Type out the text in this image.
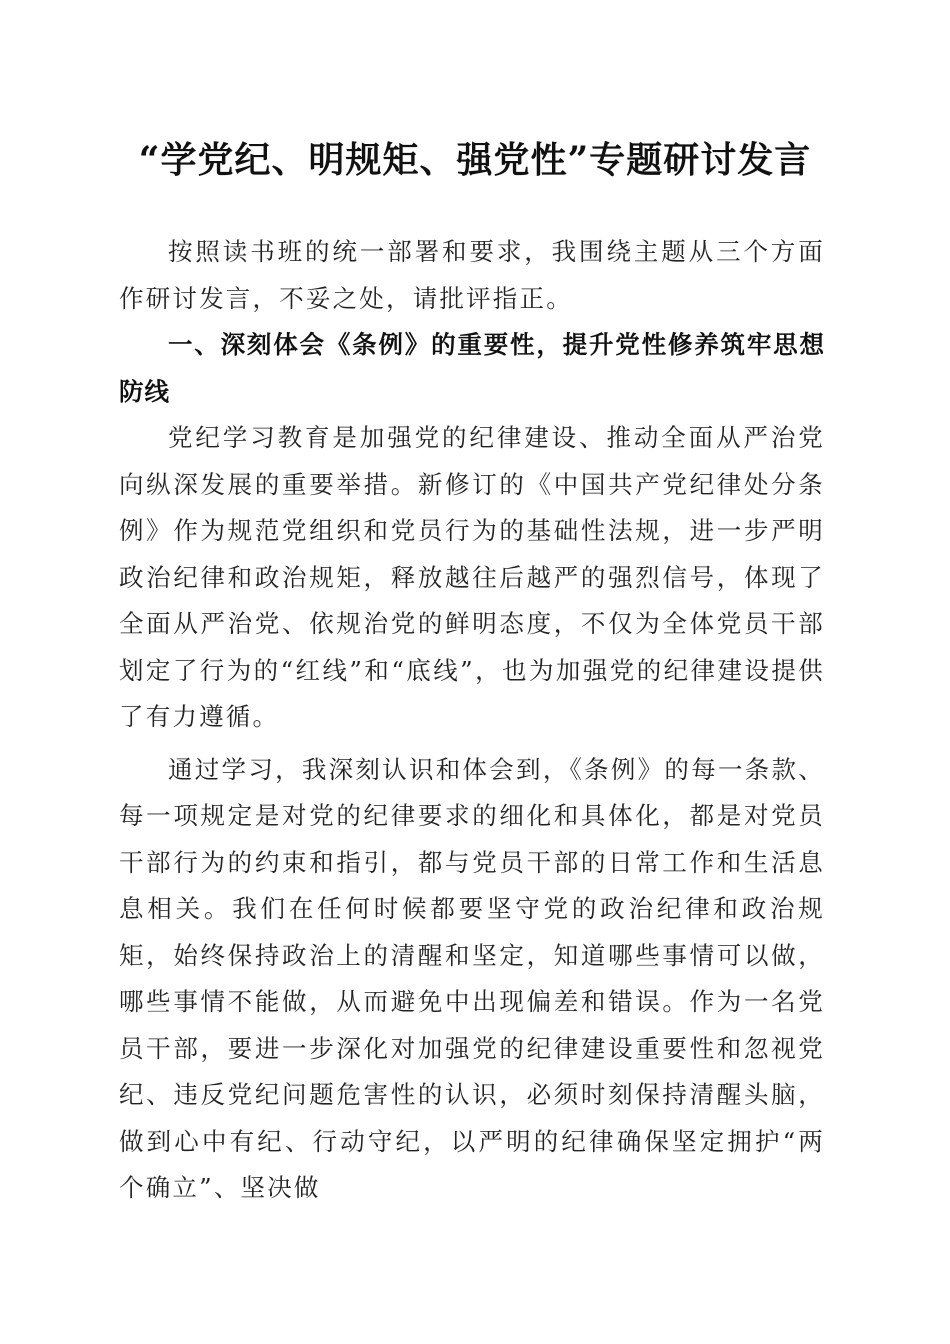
“学党纪、明规矩、强党性”专题研讨发言

按照读书班的统一部署和要求，我围绕主题从三个方面作研讨发言，不妥之处，请批评指正。

一、深刻体会《条例》的重要性，提升党性修养筑牢思想防线

党纪学习教育是加强党的纪律建设、推动全面从严治党向纵深发展的重要举措。新修订的《中国共产党纪律处分条例》作为规范党组织和党员行为的基础性法规，进一步严明政治纪律和政治规矩，释放越往后越严的强烈信号，体现了全面从严治党、依规治党的鲜明态度，不仅为全体党员干部划定了行为的“红线”和“底线”，也为加强党的纪律建设提供了有力遵循。

通过学习，我深刻认识和体会到，《条例》的每一条款、每一项规定是对党的纪律要求的细化和具体化，都是对党员干部行为的约束和指引，都与党员干部的日常工作和生活息息相关。我们在任何时候都要坚守党的政治纪律和政治规矩，始终保持政治上的清醒和坚定，知道哪些事情可以做，哪些事情不能做，从而避免中出现偏差和错误。作为一名党员干部，要进一步深化对加强党的纪律建设重要性和忽视党纪、违反党纪问题危害性的认识，必须时刻保持清醒头脑，做到心中有纪、行动守纪，以严明的纪律确保坚定拥护“两个确立”、坚决做
